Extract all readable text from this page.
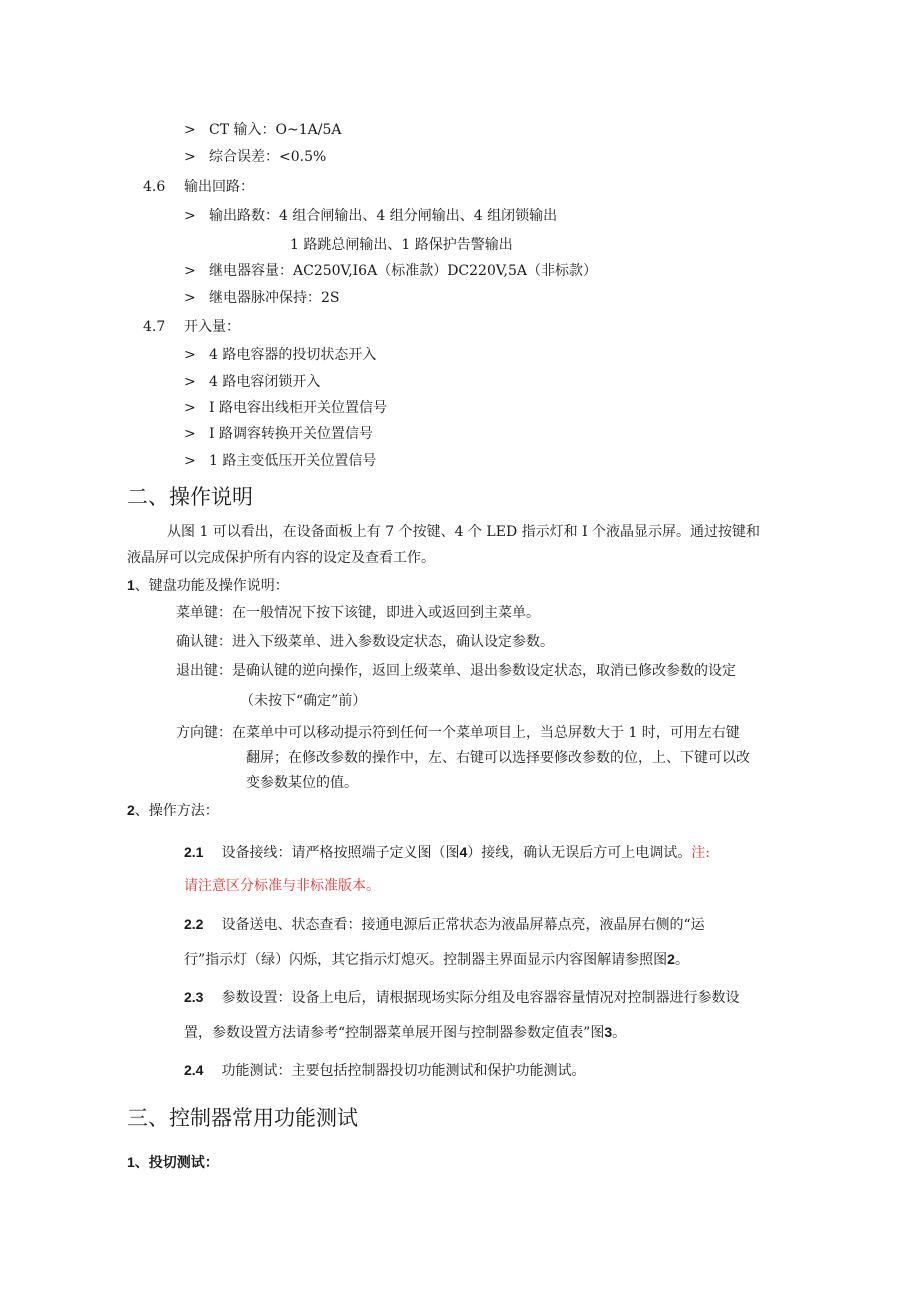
> CT 输入：O~1A/5A
> 综合误差：<0.5%
4.6 输出回路：
> 输出路数：4 组合闸输出、4 组分闸输出、4 组闭锁输出
1 路跳总闸输出、1 路保护告警输出
> 继电器容量：AC250V,I6A（标准款）DC220V,5A（非标款）
> 继电器脉冲保持：2S
4.7 开入量：
> 4 路电容器的投切状态开入
> 4 路电容闭锁开入
> I 路电容出线柜开关位置信号
> I 路调容转换开关位置信号
> 1 路主变低压开关位置信号
二、操作说明
从图 1 可以看出，在设备面板上有 7 个按键、4 个 LED 指示灯和 I 个液晶显示屏。通过按键和
液晶屏可以完成保护所有内容的设定及查看工作。
1、键盘功能及操作说明：
菜单键：在一般情况下按下该键，即进入或返回到主菜单。
确认键：进入下级菜单、进入参数设定状态，确认设定参数。
退出键：是确认键的逆向操作，返回上级菜单、退出参数设定状态，取消已修改参数的设定
（未按下“确定”前）
方向键：在菜单中可以移动提示符到任何一个菜单项目上，当总屏数大于 1 时，可用左右键
翻屏；在修改参数的操作中，左、右键可以选择要修改参数的位，上、下键可以改
变参数某位的值。
2、操作方法：
2.1 设备接线：请严格按照端子定义图（图4）接线，确认无误后方可上电调试。注:
请注意区分标准与非标准版本。
2.2 设备送电、状态查看：接通电源后正常状态为液晶屏幕点亮，液晶屏右侧的“运
行”指示灯（绿）闪烁，其它指示灯熄灭。控制器主界面显示内容图解请参照图2。
2.3 参数设置：设备上电后，请根据现场实际分组及电容器容量情况对控制器进行参数设
置，参数设置方法请参考“控制器菜单展开图与控制器参数定值表”图3。
2.4 功能测试：主要包括控制器投切功能测试和保护功能测试。
三、控制器常用功能测试
1、投切测试：
